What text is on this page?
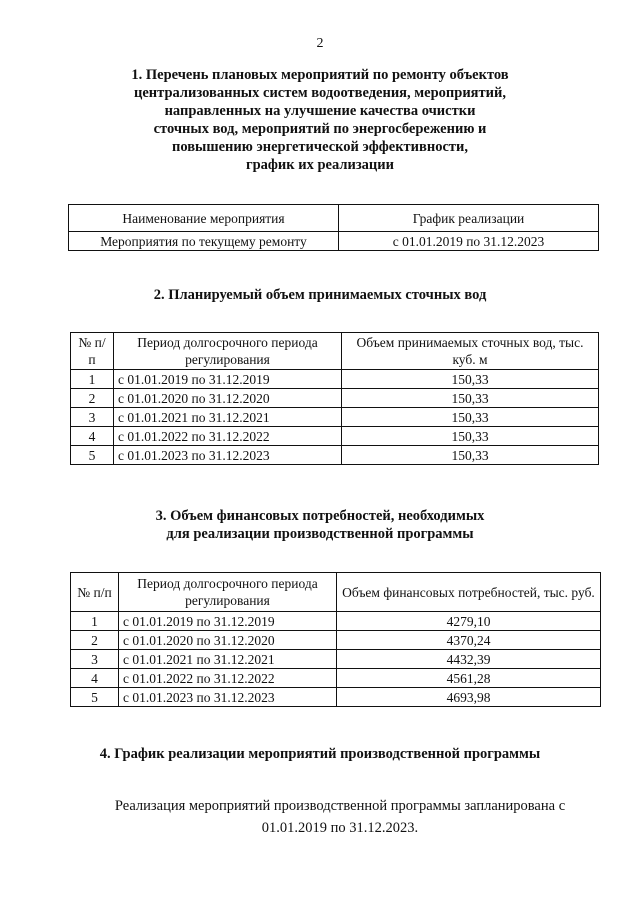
2
1. Перечень плановых мероприятий по ремонту объектов
централизованных систем водоотведения, мероприятий,
направленных на улучшение качества очистки
сточных вод, мероприятий по энергосбережению и
повышению энергетической эффективности,
график их реализации
Наименование мероприятия	График реализации
Мероприятия по текущему ремонту	с 01.01.2019 по 31.12.2023
2. Планируемый объем принимаемых сточных вод
№ п/п	Период долгосрочного периода регулирования	Объем принимаемых сточных вод, тыс. куб. м
1	с 01.01.2019 по 31.12.2019	150,33
2	с 01.01.2020 по 31.12.2020	150,33
3	с 01.01.2021 по 31.12.2021	150,33
4	с 01.01.2022 по 31.12.2022	150,33
5	с 01.01.2023 по 31.12.2023	150,33
3. Объем финансовых потребностей, необходимых
для реализации производственной программы
№ п/п	Период долгосрочного периода регулирования	Объем финансовых потребностей, тыс. руб.
1	с 01.01.2019 по 31.12.2019	4279,10
2	с 01.01.2020 по 31.12.2020	4370,24
3	с 01.01.2021 по 31.12.2021	4432,39
4	с 01.01.2022 по 31.12.2022	4561,28
5	с 01.01.2023 по 31.12.2023	4693,98
4. График реализации мероприятий производственной программы
Реализация мероприятий производственной программы запланирована с 01.01.2019 по 31.12.2023.
